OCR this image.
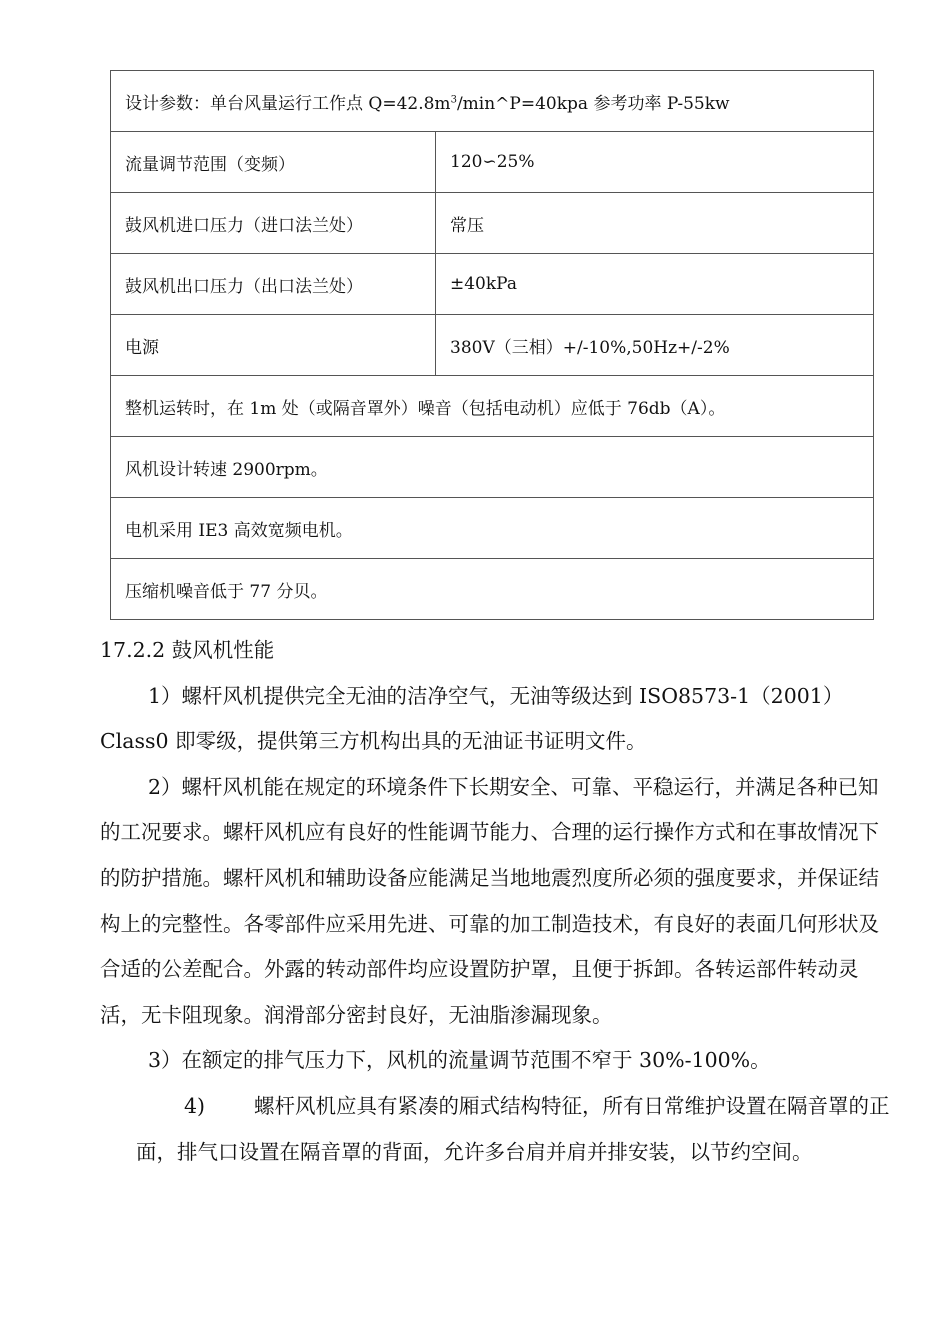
设计参数：单台风量运行工作点 $Q=42.8m^3/\min\^{}P=40kpa$ 参考功率 P-55kw	
流量调节范围（变频）	120∽25%
鼓风机进口压力（进口法兰处）	常压
鼓风机出口压力（出口法兰处）	±40kPa
电源	380V（三相）+/-10%,50Hz+/-2%
整机运转时，在 1m 处（或隔音罩外）噪音（包括电动机）应低于 76db（A）。	
风机设计转速 2900rpm。	
电机采用 IE3 高效宽频电机。	
压缩机噪音低于 77 分贝。	

17.2.2 鼓风机性能

1）螺杆风机提供完全无油的洁净空气，无油等级达到 ISO8573-1（2001）Class0 即零级，提供第三方机构出具的无油证书证明文件。

2）螺杆风机能在规定的环境条件下长期安全、可靠、平稳运行，并满足各种已知的工况要求。螺杆风机应有良好的性能调节能力、合理的运行操作方式和在事故情况下的防护措施。螺杆风机和辅助设备应能满足当地地震烈度所必须的强度要求，并保证结构上的完整性。各零部件应采用先进、可靠的加工制造技术，有良好的表面几何形状及合适的公差配合。外露的转动部件均应设置防护罩，且便于拆卸。各转运部件转动灵活，无卡阻现象。润滑部分密封良好，无油脂渗漏现象。

3）在额定的排气压力下，风机的流量调节范围不窄于 30%-100%。

4) 螺杆风机应具有紧凑的厢式结构特征，所有日常维护设置在隔音罩的正面，排气口设置在隔音罩的背面，允许多台肩并肩并排安装，以节约空间。
